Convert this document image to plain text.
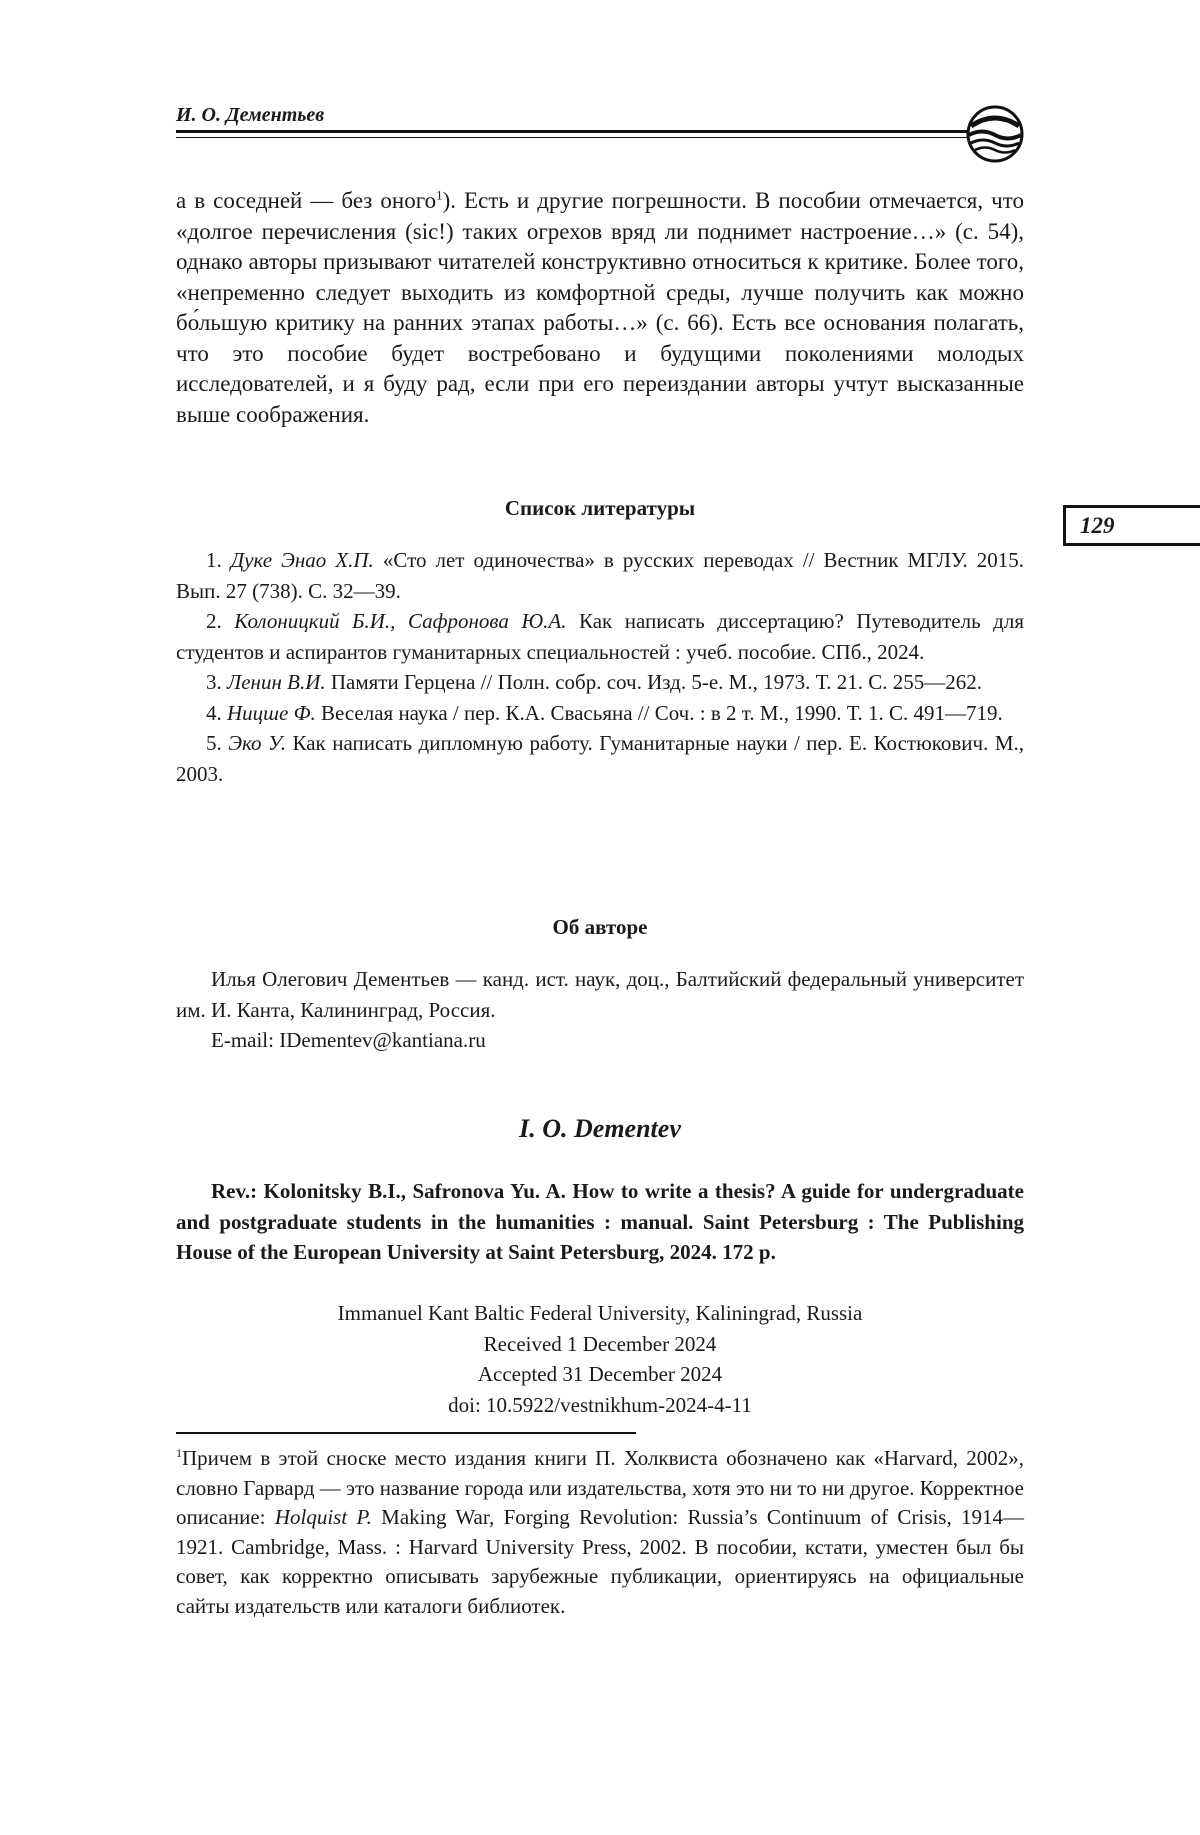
И. О. Дементьев
129

а в соседней — без оного$^1$). Есть и другие погрешности. В пособии отмечается, что «долгое перечисления (sic!) таких огрехов вряд ли поднимет настроение…» (с. 54), однако авторы призывают читателей конструктивно относиться к критике. Более того, «непременно следует выходить из комфортной среды, лучше получить как можно бо́льшую критику на ранних этапах работы…» (с. 66). Есть все основания полагать, что это пособие будет востребовано и будущими поколениями молодых исследователей, и я буду рад, если при его переиздании авторы учтут высказанные выше соображения.

Список литературы

1. Дуке Энао Х.П. «Сто лет одиночества» в русских переводах // Вестник МГЛУ. 2015. Вып. 27 (738). С. 32—39.

2. Колоницкий Б.И., Сафронова Ю.А. Как написать диссертацию? Путеводитель для студентов и аспирантов гуманитарных специальностей : учеб. пособие. СПб., 2024.

3. Ленин В.И. Памяти Герцена // Полн. собр. соч. Изд. 5-е. М., 1973. Т. 21. С. 255—262.

4. Ницше Ф. Веселая наука / пер. К.А. Свасьяна // Соч. : в 2 т. М., 1990. Т. 1. С. 491—719.

5. Эко У. Как написать дипломную работу. Гуманитарные науки / пер. Е. Костюкович. М., 2003.

Об авторе

Илья Олегович Дементьев — канд. ист. наук, доц., Балтийский федеральный университет им. И. Канта, Калининград, Россия.

E-mail: IDementev@kantiana.ru

I. O. Dementev

Rev.: Kolonitsky B.I., Safronova Yu. A. How to write a thesis? A guide for undergraduate and postgraduate students in the humanities : manual. Saint Petersburg : The Publishing House of the European University at Saint Petersburg, 2024. 172 p.

Immanuel Kant Baltic Federal University, Kaliningrad, Russia
Received 1 December 2024
Accepted 31 December 2024
doi: 10.5922/vestnikhum-2024-4-11

$^1$Причем в этой сноске место издания книги П. Холквиста обозначено как «Harvard, 2002», словно Гарвард — это название города или издательства, хотя это ни то ни другое. Корректное описание: Holquist P. Making War, Forging Revolution: Russia’s Continuum of Crisis, 1914—1921. Cambridge, Mass. : Harvard University Press, 2002. В пособии, кстати, уместен был бы совет, как корректно описывать зарубежные публикации, ориентируясь на официальные сайты издательств или каталоги библиотек.
